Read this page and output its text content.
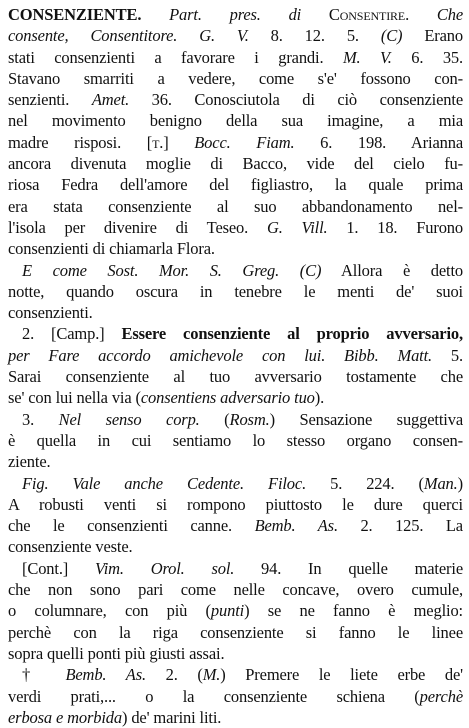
CONSENZIENTE. Part. pres. di Consentire. Che
consente, Consentitore. G. V. 8. 12. 5. (C) Erano
stati consenzienti a favorare i grandi. M. V. 6. 35.
Stavano smarriti a vedere, come s'e' fossono con-
senzienti. Amet. 36. Conosciutola di ciò consenziente
nel movimento benigno della sua imagine, a mia
madre risposi. [t.] Bocc. Fiam. 6. 198. Arianna
ancora divenuta moglie di Bacco, vide del cielo fu-
riosa Fedra dell'amore del figliastro, la quale prima
era stata consenziente al suo abbandonamento nel-
l'isola per divenire di Teseo. G. Vill. 1. 18. Furono
consenzienti di chiamarla Flora.

E come Sost. Mor. S. Greg. (C) Allora è detto
notte, quando oscura in tenebre le menti de' suoi
consenzienti.

2. [Camp.] Essere consenziente al proprio avversario,
per Fare accordo amichevole con lui. Bibb. Matt. 5.
Sarai consenziente al tuo avversario tostamente che
se' con lui nella via (consentiens adversario tuo).

3. Nel senso corp. (Rosm.) Sensazione suggettiva
è quella in cui sentiamo lo stesso organo consen-
ziente.

Fig. Vale anche Cedente. Filoc. 5. 224. (Man.)
A robusti venti si rompono piuttosto le dure querci
che le consenzienti canne. Bemb. As. 2. 125. La
consenziente veste.

[Cont.] Vim. Orol. sol. 94. In quelle materie
che non sono pari come nelle concave, overo cumule,
o columnare, con più (punti) se ne fanno è meglio:
perchè con la riga consenziente si fanno le linee
sopra quelli ponti più giusti assai.

† Bemb. As. 2. (M.) Premere le liete erbe de'
verdi prati,... o la consenziente schiena (perchè
erbosa e morbida) de' marini liti.
